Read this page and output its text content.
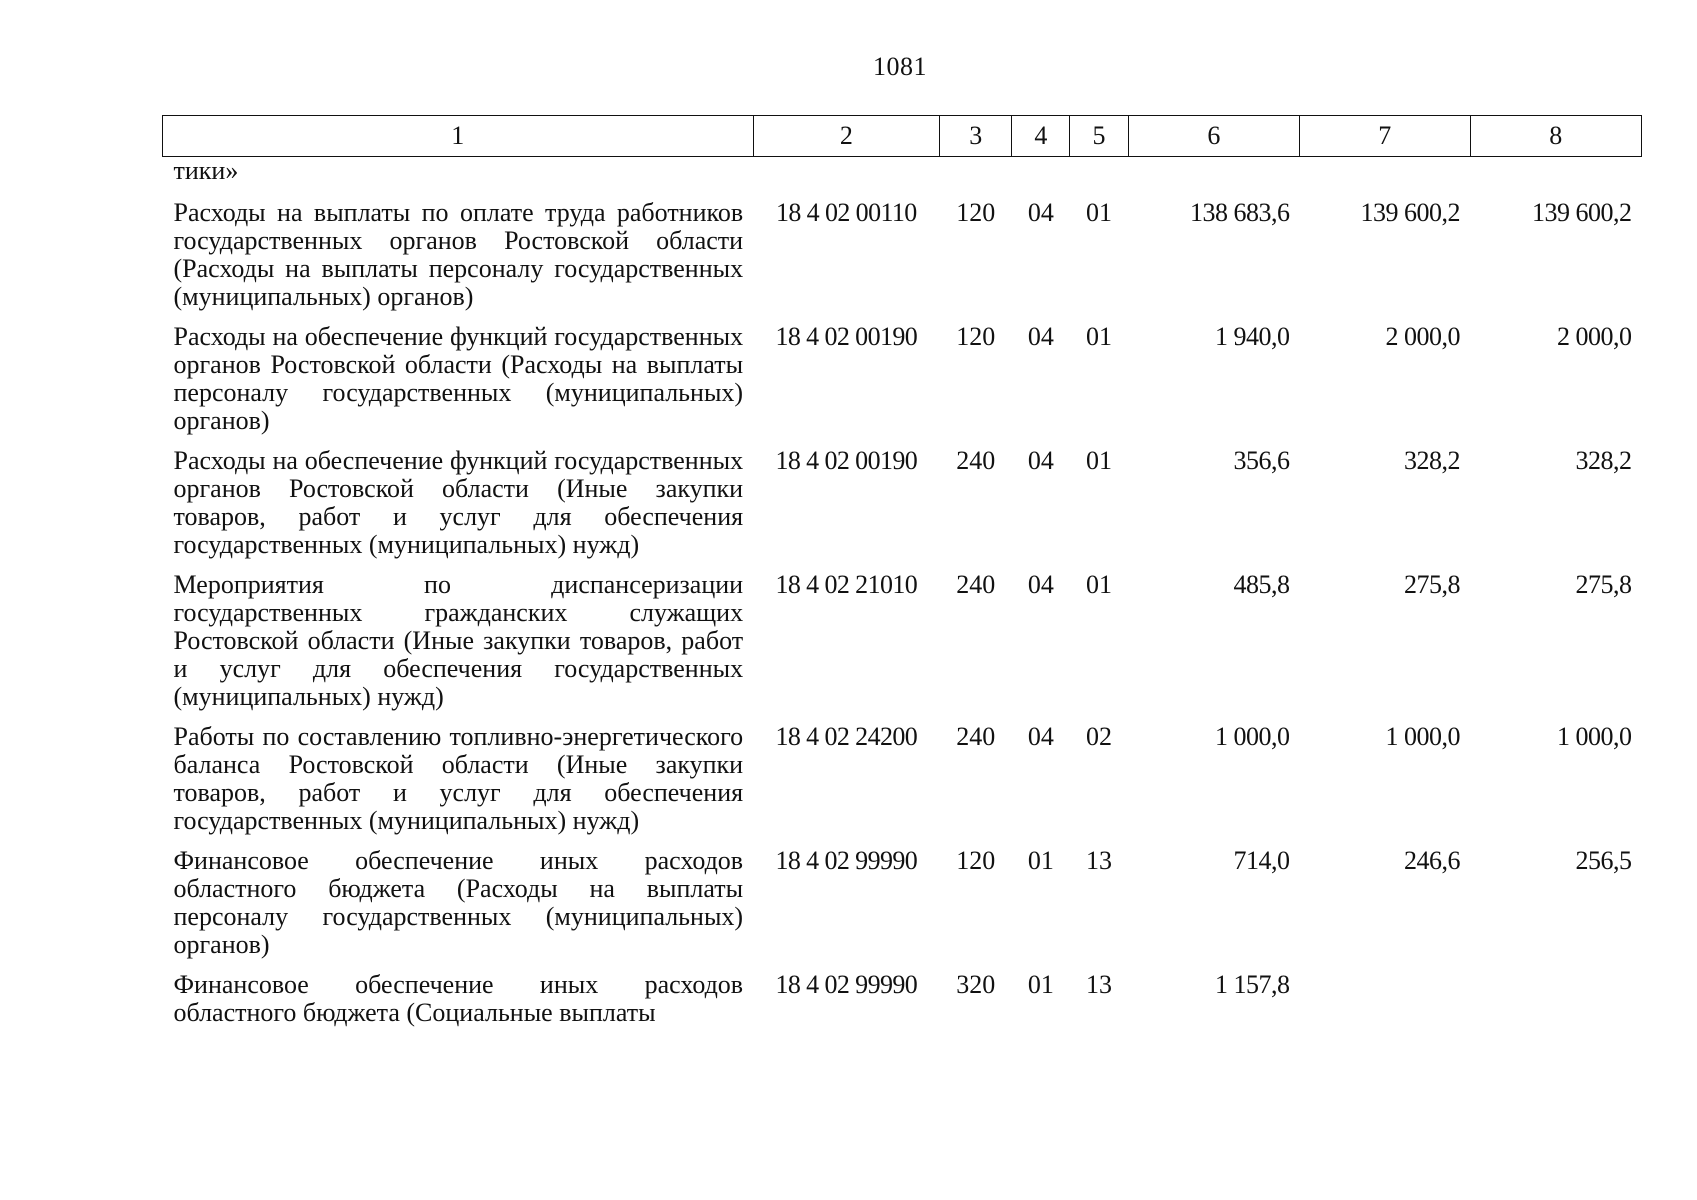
1081
1	2	3	4	5	6	7	8
тики»							
Расходы на выплаты по оплате труда работников государственных органов Ростовской области (Расходы на выплаты персоналу государственных (муниципальных) органов)	18 4 02 00110	120	04	01	138 683,6	139 600,2	139 600,2
Расходы на обеспечение функций государственных органов Ростовской области (Расходы на выплаты персоналу государственных (муниципальных) органов)	18 4 02 00190	120	04	01	1 940,0	2 000,0	2 000,0
Расходы на обеспечение функций государственных органов Ростовской области (Иные закупки товаров, работ и услуг для обеспечения государственных (муниципальных) нужд)	18 4 02 00190	240	04	01	356,6	328,2	328,2
Мероприятия по диспансеризации государственных гражданских служащих Ростовской области (Иные закупки товаров, работ и услуг для обеспечения государственных (муниципальных) нужд)	18 4 02 21010	240	04	01	485,8	275,8	275,8
Работы по составлению топливно-энергетического баланса Ростовской области (Иные закупки товаров, работ и услуг для обеспечения государственных (муниципальных) нужд)	18 4 02 24200	240	04	02	1 000,0	1 000,0	1 000,0
Финансовое обеспечение иных расходов областного бюджета (Расходы на выплаты персоналу государственных (муниципальных) органов)	18 4 02 99990	120	01	13	714,0	246,6	256,5
Финансовое обеспечение иных расходов областного бюджета (Социальные выплаты	18 4 02 99990	320	01	13	1 157,8		
